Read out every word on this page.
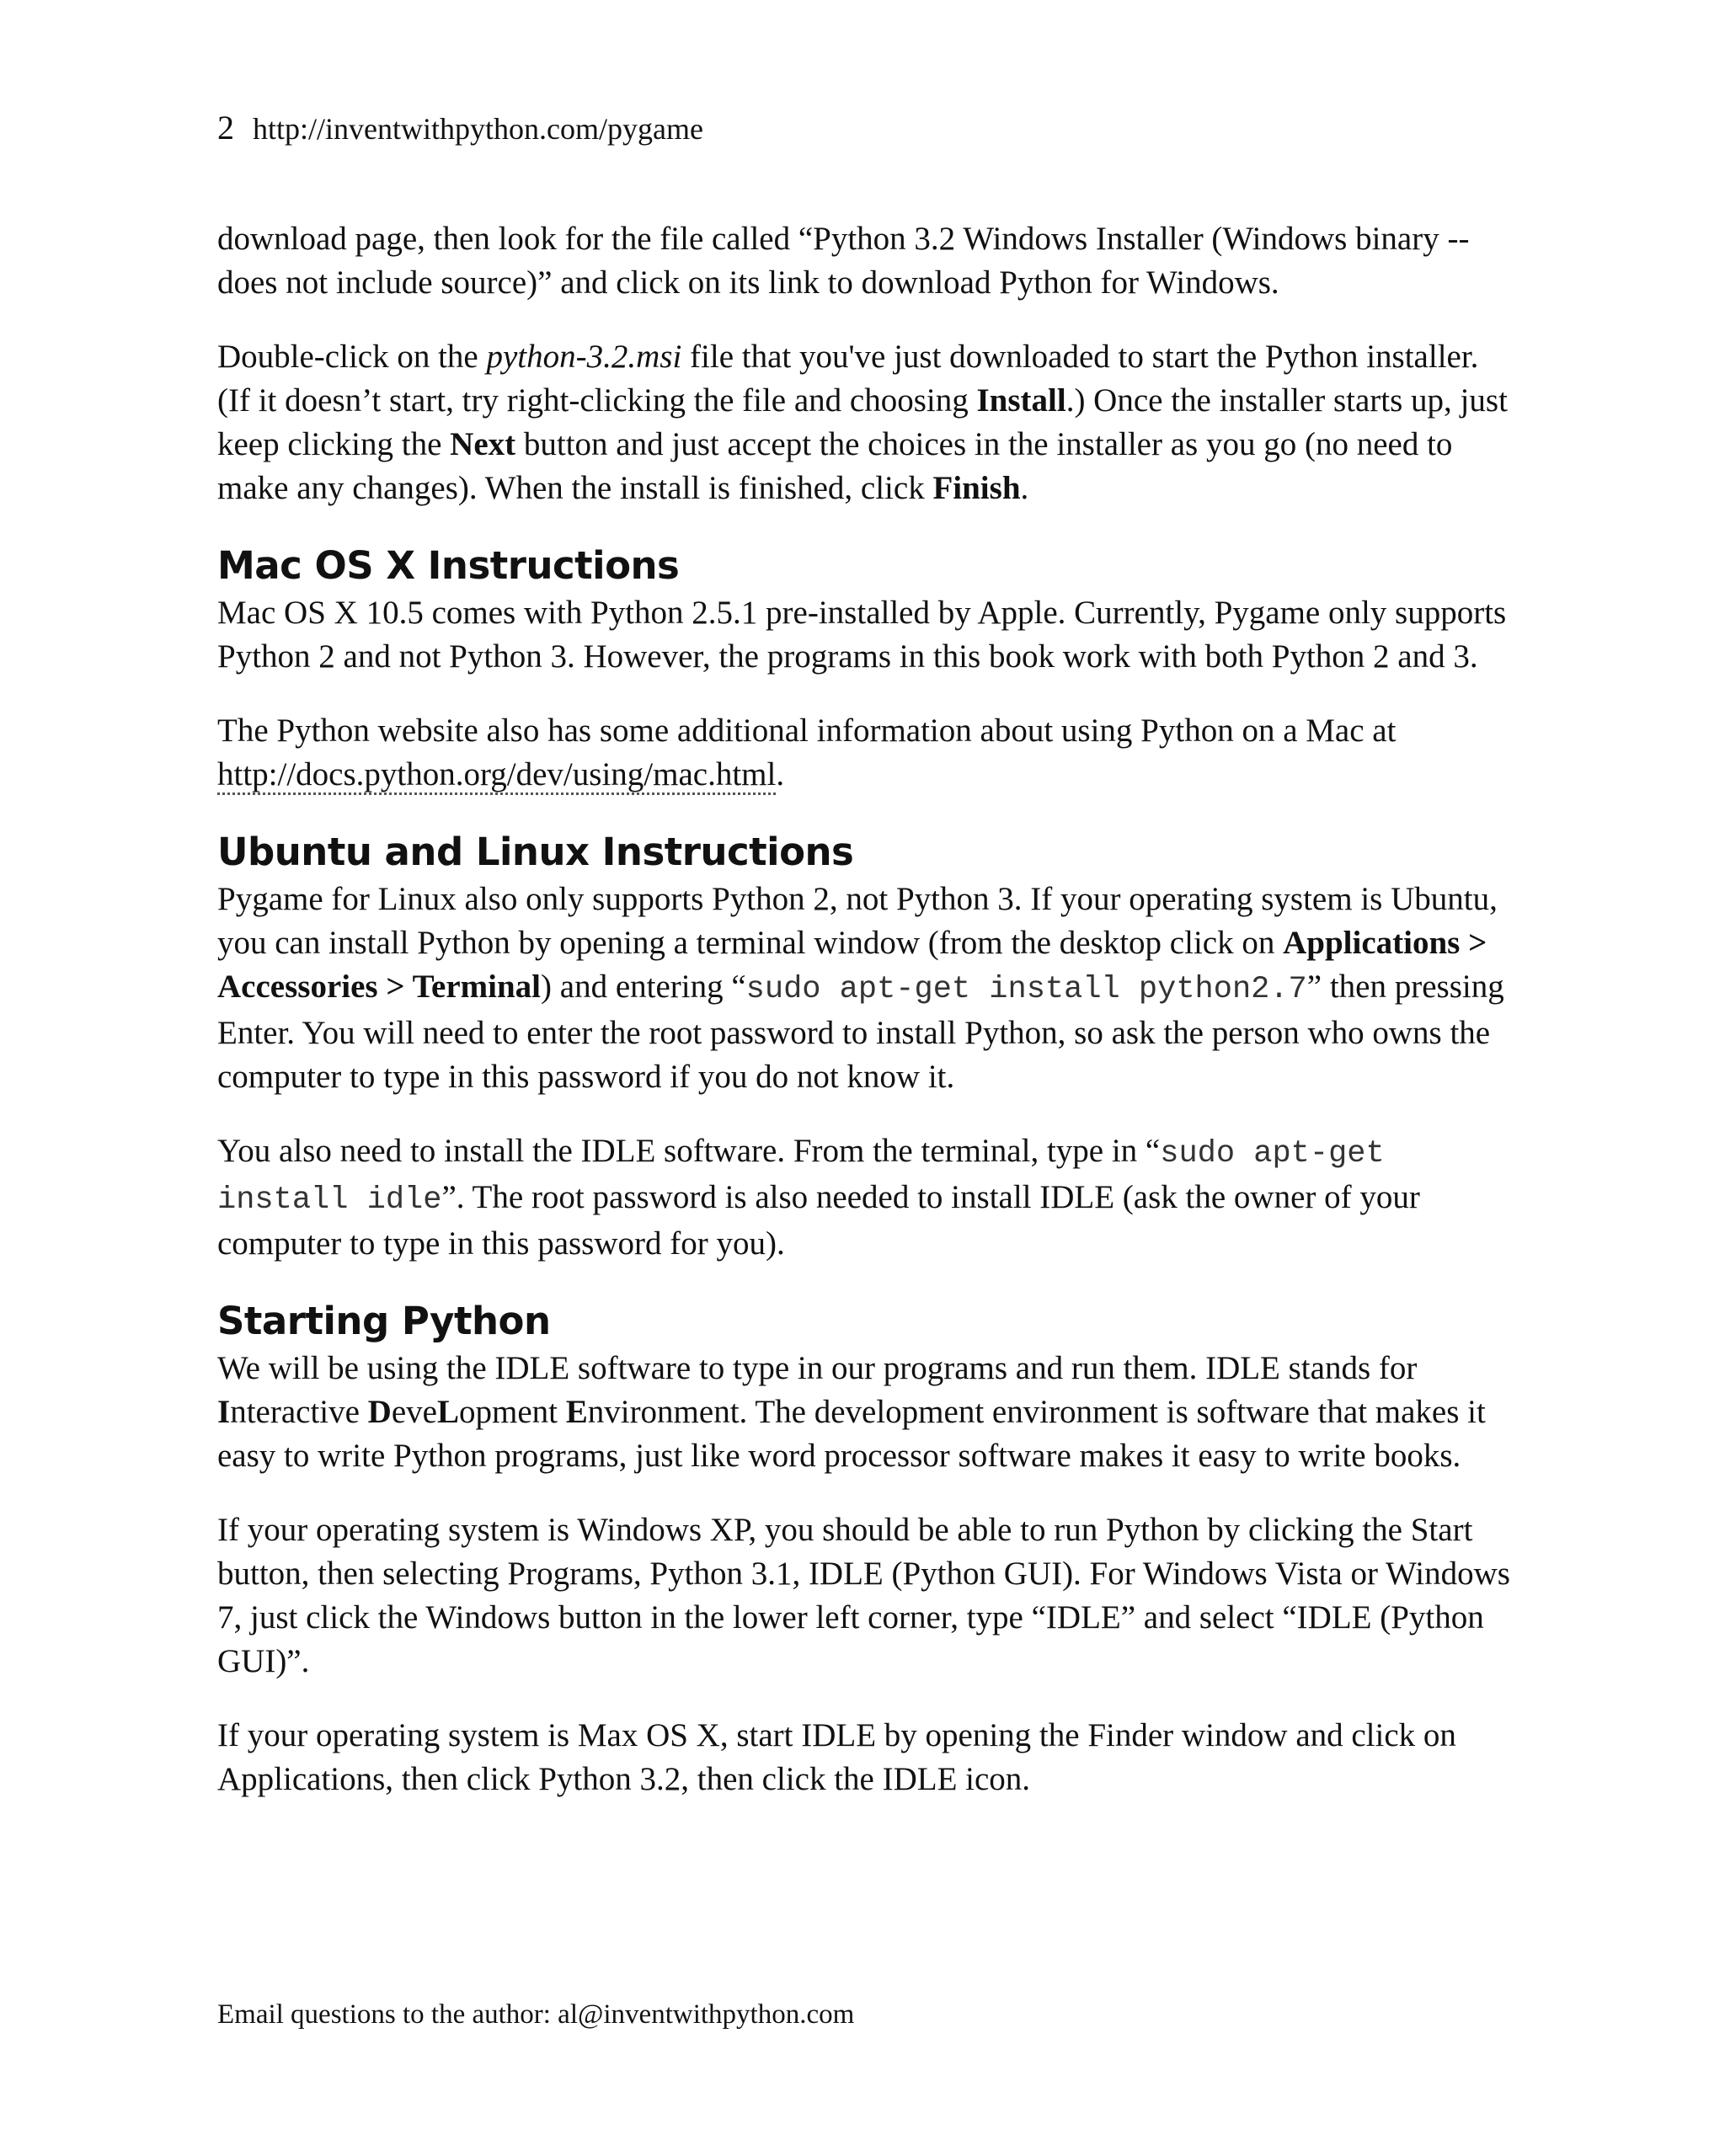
2 http://inventwithpython.com/pygame

download page, then look for the file called “Python 3.2 Windows Installer (Windows binary -- does not include source)” and click on its link to download Python for Windows.

Double-click on the python-3.2.msi file that you've just downloaded to start the Python installer. (If it doesn’t start, try right-clicking the file and choosing Install.) Once the installer starts up, just keep clicking the Next button and just accept the choices in the installer as you go (no need to make any changes). When the install is finished, click Finish.

Mac OS X Instructions

Mac OS X 10.5 comes with Python 2.5.1 pre-installed by Apple. Currently, Pygame only supports Python 2 and not Python 3. However, the programs in this book work with both Python 2 and 3.

The Python website also has some additional information about using Python on a Mac at http://docs.python.org/dev/using/mac.html.

Ubuntu and Linux Instructions

Pygame for Linux also only supports Python 2, not Python 3. If your operating system is Ubuntu, you can install Python by opening a terminal window (from the desktop click on Applications > Accessories > Terminal) and entering “sudo apt-get install python2.7” then pressing Enter. You will need to enter the root password to install Python, so ask the person who owns the computer to type in this password if you do not know it.

You also need to install the IDLE software. From the terminal, type in “sudo apt-get install idle”. The root password is also needed to install IDLE (ask the owner of your computer to type in this password for you).

Starting Python

We will be using the IDLE software to type in our programs and run them. IDLE stands for Interactive DeveLopment Environment. The development environment is software that makes it easy to write Python programs, just like word processor software makes it easy to write books.

If your operating system is Windows XP, you should be able to run Python by clicking the Start button, then selecting Programs, Python 3.1, IDLE (Python GUI). For Windows Vista or Windows 7, just click the Windows button in the lower left corner, type “IDLE” and select “IDLE (Python GUI)”.

If your operating system is Max OS X, start IDLE by opening the Finder window and click on Applications, then click Python 3.2, then click the IDLE icon.

Email questions to the author: al@inventwithpython.com
